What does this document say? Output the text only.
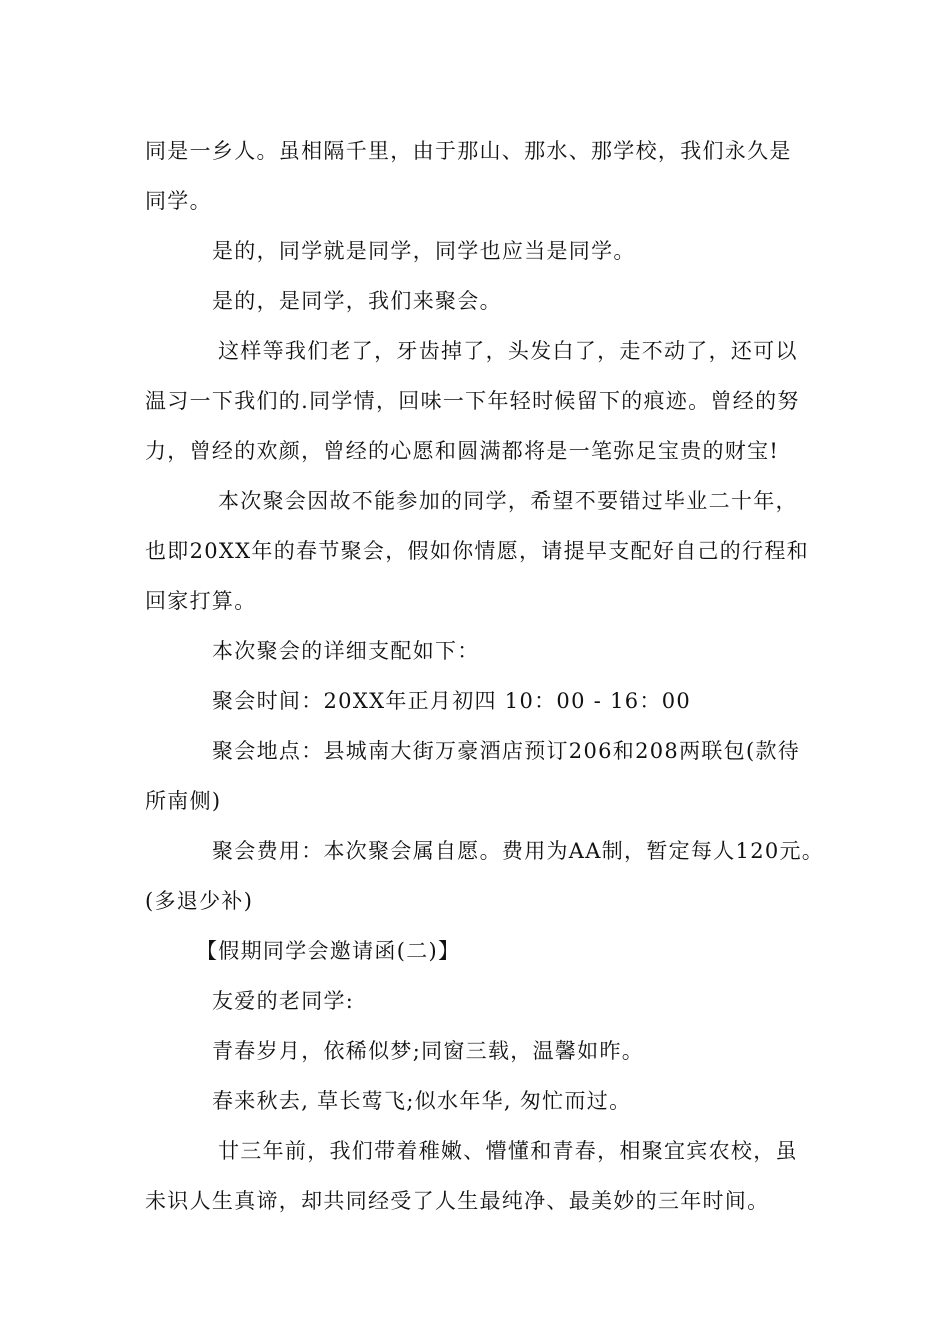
同是一乡人。虽相隔千里，由于那山、那水、那学校，我们永久是
同学。
是的，同学就是同学，同学也应当是同学。
是的，是同学，我们来聚会。
这样等我们老了，牙齿掉了，头发白了，走不动了，还可以
温习一下我们的.同学情，回味一下年轻时候留下的痕迹。曾经的努
力，曾经的欢颜，曾经的心愿和圆满都将是一笔弥足宝贵的财宝!
本次聚会因故不能参加的同学，希望不要错过毕业二十年，
也即20XX年的春节聚会，假如你情愿，请提早支配好自己的行程和
回家打算。
本次聚会的详细支配如下：
聚会时间：20XX年正月初四 10：00 - 16：00
聚会地点：县城南大街万豪酒店预订206和208两联包(款待
所南侧)
聚会费用：本次聚会属自愿。费用为AA制，暂定每人120元。
(多退少补)
【假期同学会邀请函(二)】
友爱的老同学:
青春岁月，依稀似梦;同窗三载，温馨如昨。
春来秋去, 草长莺飞;似水年华, 匆忙而过。
廿三年前，我们带着稚嫩、懵懂和青春，相聚宜宾农校，虽
未识人生真谛，却共同经受了人生最纯净、最美妙的三年时间。
